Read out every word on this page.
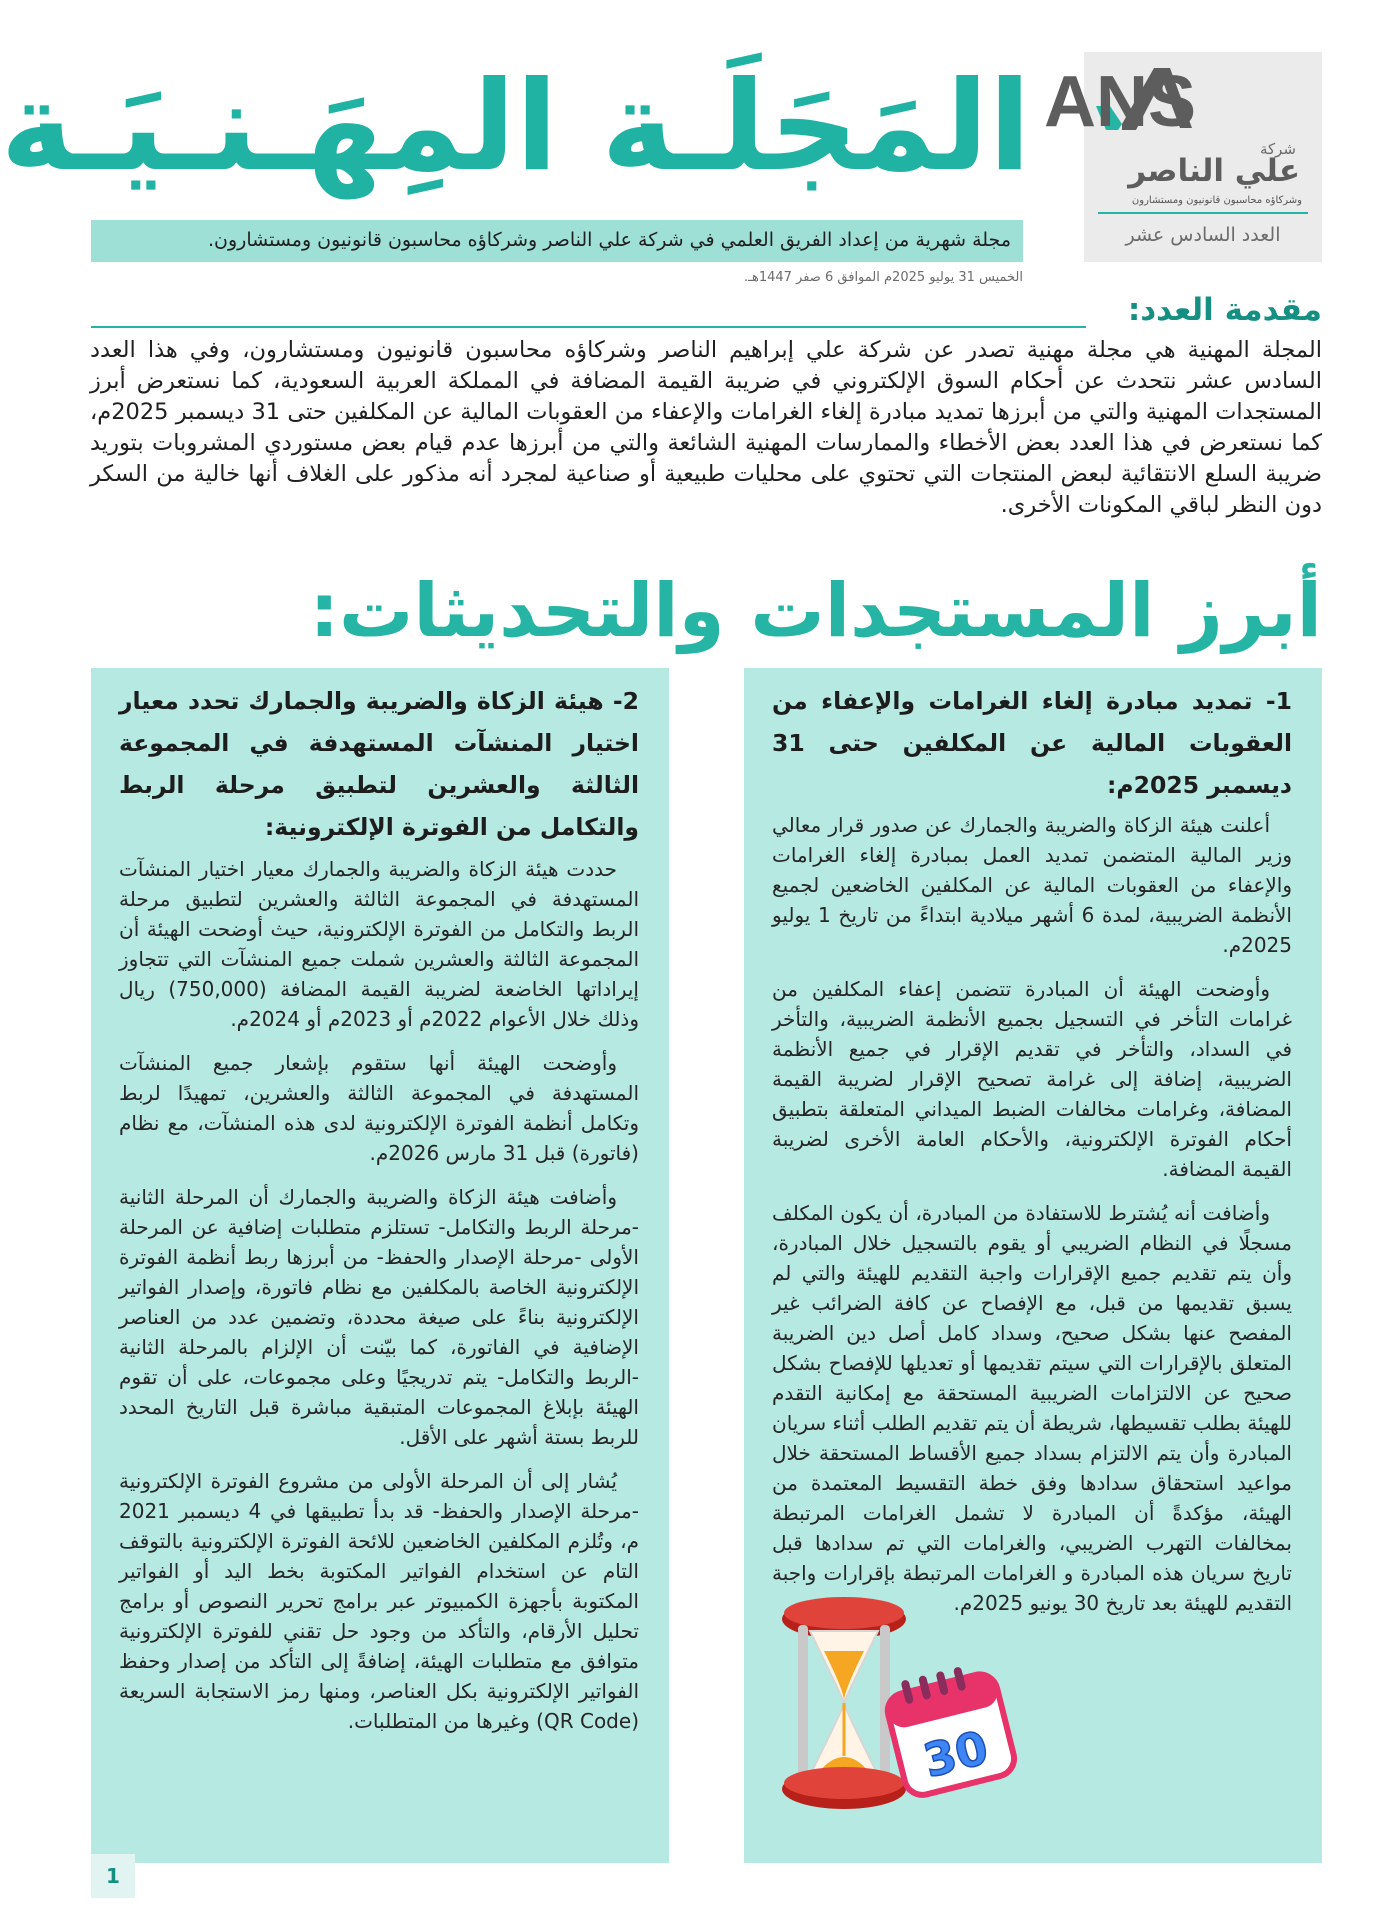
ANS
شركة
علي الناصر
وشركاؤه محاسبون قانونيون ومستشارون
العدد السادس عشر
المَجَلَـة المِهَـنـيَـة
مجلة شهرية من إعداد الفريق العلمي في شركة علي الناصر وشركاؤه محاسبون قانونيون ومستشارون.
الخميس 31 يوليو 2025م الموافق 6 صفر 1447هـ.
مقدمة العدد:
المجلة المهنية هي مجلة مهنية تصدر عن شركة علي إبراهيم الناصر وشركاؤه محاسبون قانونيون ومستشارون، وفي هذا العدد السادس عشر نتحدث عن أحكام السوق الإلكتروني في ضريبة القيمة المضافة في المملكة العربية السعودية، كما نستعرض أبرز المستجدات المهنية والتي من أبرزها تمديد مبادرة إلغاء الغرامات والإعفاء من العقوبات المالية عن المكلفين حتى 31 ديسمبر 2025م، كما نستعرض في هذا العدد بعض الأخطاء والممارسات المهنية الشائعة والتي من أبرزها عدم قيام بعض مستوردي المشروبات بتوريد ضريبة السلع الانتقائية لبعض المنتجات التي تحتوي على محليات طبيعية أو صناعية لمجرد أنه مذكور على الغلاف أنها خالية من السكر دون النظر لباقي المكونات الأخرى.
أبرز المستجدات والتحديثات:
1- تمديد مبادرة إلغاء الغرامات والإعفاء من العقوبات المالية عن المكلفين حتى 31 ديسمبر 2025م:

أعلنت هيئة الزكاة والضريبة والجمارك عن صدور قرار معالي وزير المالية المتضمن تمديد العمل بمبادرة إلغاء الغرامات والإعفاء من العقوبات المالية عن المكلفين الخاضعين لجميع الأنظمة الضريبية، لمدة 6 أشهر ميلادية ابتداءً من تاريخ 1 يوليو 2025م.

وأوضحت الهيئة أن المبادرة تتضمن إعفاء المكلفين من غرامات التأخر في التسجيل بجميع الأنظمة الضريبية، والتأخر في السداد، والتأخر في تقديم الإقرار في جميع الأنظمة الضريبية، إضافة إلى غرامة تصحيح الإقرار لضريبة القيمة المضافة، وغرامات مخالفات الضبط الميداني المتعلقة بتطبيق أحكام الفوترة الإلكترونية، والأحكام العامة الأخرى لضريبة القيمة المضافة.

وأضافت أنه يُشترط للاستفادة من المبادرة، أن يكون المكلف مسجلًا في النظام الضريبي أو يقوم بالتسجيل خلال المبادرة، وأن يتم تقديم جميع الإقرارات واجبة التقديم للهيئة والتي لم يسبق تقديمها من قبل، مع الإفصاح عن كافة الضرائب غير المفصح عنها بشكل صحيح، وسداد كامل أصل دين الضريبة المتعلق بالإقرارات التي سيتم تقديمها أو تعديلها للإفصاح بشكل صحيح عن الالتزامات الضريبية المستحقة مع إمكانية التقدم للهيئة بطلب تقسيطها، شريطة أن يتم تقديم الطلب أثناء سريان المبادرة وأن يتم الالتزام بسداد جميع الأقساط المستحقة خلال مواعيد استحقاق سدادها وفق خطة التقسيط المعتمدة من الهيئة، مؤكدةً أن المبادرة لا تشمل الغرامات المرتبطة بمخالفات التهرب الضريبي، والغرامات التي تم سدادها قبل تاريخ سريان هذه المبادرة و الغرامات المرتبطة بإقرارات واجبة التقديم للهيئة بعد تاريخ 30 يونيو 2025م.

30
2- هيئة الزكاة والضريبة والجمارك تحدد معيار اختيار المنشآت المستهدفة في المجموعة الثالثة والعشرين لتطبيق مرحلة الربط والتكامل من الفوترة الإلكترونية:

حددت هيئة الزكاة والضريبة والجمارك معيار اختيار المنشآت المستهدفة في المجموعة الثالثة والعشرين لتطبيق مرحلة الربط والتكامل من الفوترة الإلكترونية، حيث أوضحت الهيئة أن المجموعة الثالثة والعشرين شملت جميع المنشآت التي تتجاوز إيراداتها الخاضعة لضريبة القيمة المضافة (750,000) ريال وذلك خلال الأعوام 2022م أو 2023م أو 2024م.

وأوضحت الهيئة أنها ستقوم بإشعار جميع المنشآت المستهدفة في المجموعة الثالثة والعشرين، تمهيدًا لربط وتكامل أنظمة الفوترة الإلكترونية لدى هذه المنشآت، مع نظام (فاتورة) قبل 31 مارس 2026م.

وأضافت هيئة الزكاة والضريبة والجمارك أن المرحلة الثانية -مرحلة الربط والتكامل- تستلزم متطلبات إضافية عن المرحلة الأولى -مرحلة الإصدار والحفظ- من أبرزها ربط أنظمة الفوترة الإلكترونية الخاصة بالمكلفين مع نظام فاتورة، وإصدار الفواتير الإلكترونية بناءً على صيغة محددة، وتضمين عدد من العناصر الإضافية في الفاتورة، كما بيّنت أن الإلزام بالمرحلة الثانية -الربط والتكامل- يتم تدريجيًا وعلى مجموعات، على أن تقوم الهيئة بإبلاغ المجموعات المتبقية مباشرة قبل التاريخ المحدد للربط بستة أشهر على الأقل.

يُشار إلى أن المرحلة الأولى من مشروع الفوترة الإلكترونية -مرحلة الإصدار والحفظ- قد بدأ تطبيقها في 4 ديسمبر 2021 م، وتُلزم المكلفين الخاضعين للائحة الفوترة الإلكترونية بالتوقف التام عن استخدام الفواتير المكتوبة بخط اليد أو الفواتير المكتوبة بأجهزة الكمبيوتر عبر برامج تحرير النصوص أو برامج تحليل الأرقام، والتأكد من وجود حل تقني للفوترة الإلكترونية متوافق مع متطلبات الهيئة، إضافةً إلى التأكد من إصدار وحفظ الفواتير الإلكترونية بكل العناصر، ومنها رمز الاستجابة السريعة (QR Code) وغيرها من المتطلبات.

1
